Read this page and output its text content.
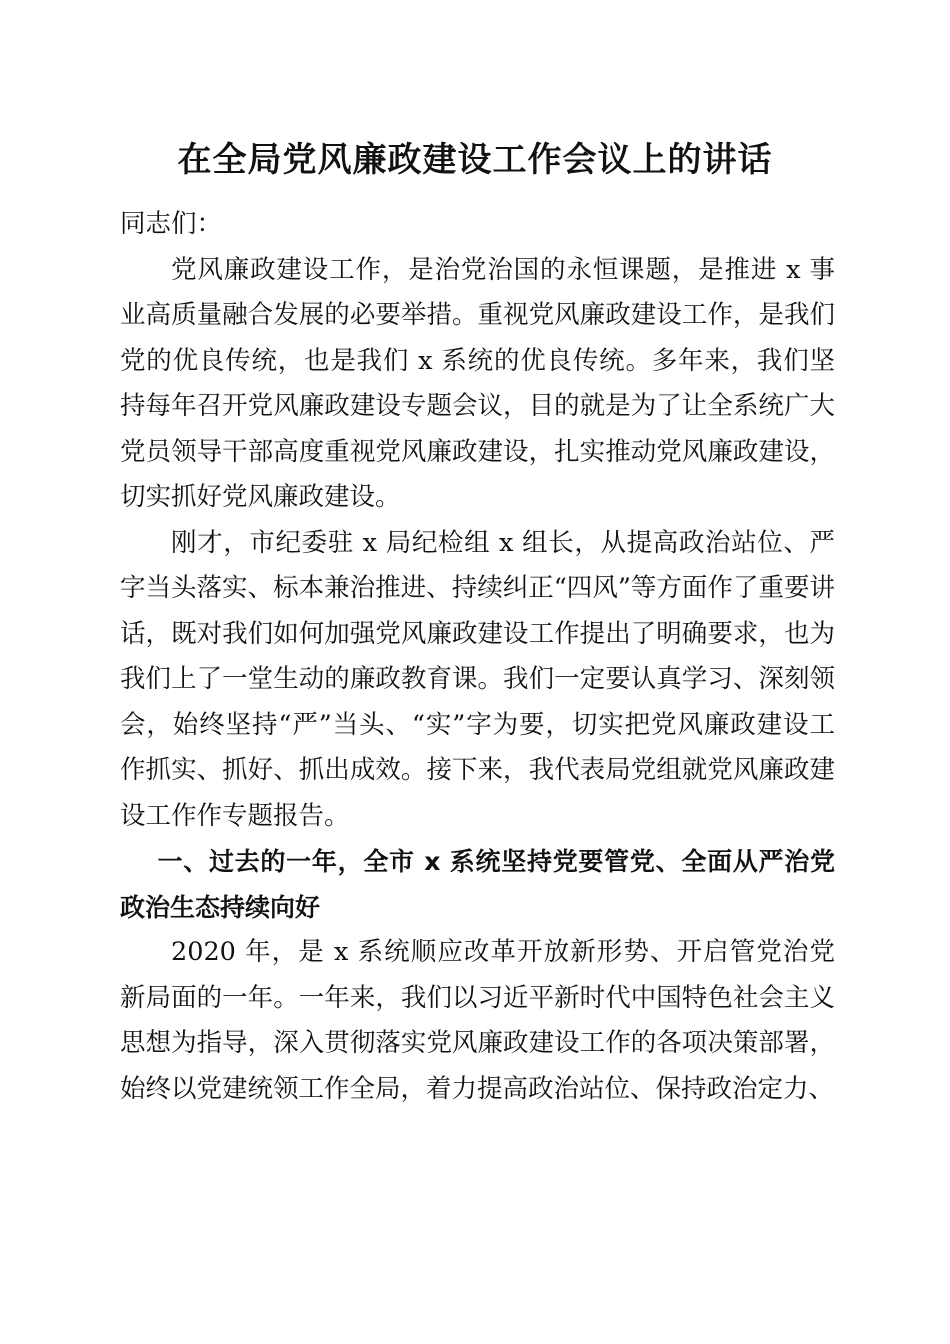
在全局党风廉政建设工作会议上的讲话

同志们：

党风廉政建设工作，是治党治国的永恒课题，是推进 x 事业高质量融合发展的必要举措。重视党风廉政建设工作，是我们党的优良传统，也是我们 x 系统的优良传统。多年来，我们坚持每年召开党风廉政建设专题会议，目的就是为了让全系统广大党员领导干部高度重视党风廉政建设，扎实推动党风廉政建设，切实抓好党风廉政建设。

刚才，市纪委驻 x 局纪检组 x 组长，从提高政治站位、严字当头落实、标本兼治推进、持续纠正“四风”等方面作了重要讲话，既对我们如何加强党风廉政建设工作提出了明确要求，也为我们上了一堂生动的廉政教育课。我们一定要认真学习、深刻领会，始终坚持“严”当头、“实”字为要，切实把党风廉政建设工作抓实、抓好、抓出成效。接下来，我代表局党组就党风廉政建设工作作专题报告。

一、过去的一年，全市 x 系统坚持党要管党、全面从严治党政治生态持续向好

2020 年，是 x 系统顺应改革开放新形势、开启管党治党新局面的一年。一年来，我们以习近平新时代中国特色社会主义思想为指导，深入贯彻落实党风廉政建设工作的各项决策部署，始终以党建统领工作全局，着力提高政治站位、保持政治定力、
